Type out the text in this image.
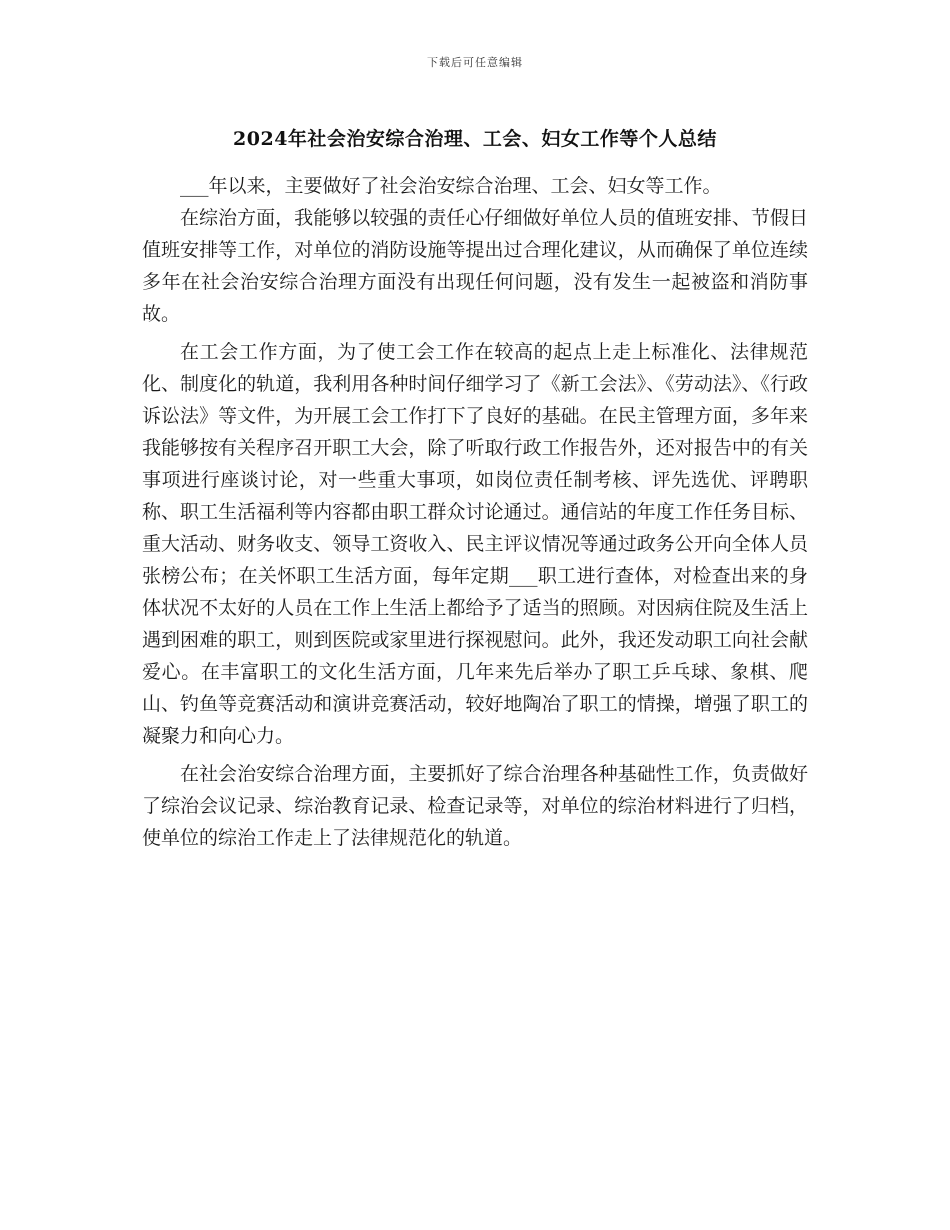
下载后可任意编辑
2024年社会治安综合治理、工会、妇女工作等个人总结

___年以来，主要做好了社会治安综合治理、工会、妇女等工作。

在综治方面，我能够以较强的责任心仔细做好单位人员的值班安排、节假日值班安排等工作，对单位的消防设施等提出过合理化建议，从而确保了单位连续多年在社会治安综合治理方面没有出现任何问题，没有发生一起被盗和消防事故。

在工会工作方面，为了使工会工作在较高的起点上走上标准化、法律规范化、制度化的轨道，我利用各种时间仔细学习了《新工会法》、《劳动法》、《行政诉讼法》等文件，为开展工会工作打下了良好的基础。在民主管理方面，多年来我能够按有关程序召开职工大会，除了听取行政工作报告外，还对报告中的有关事项进行座谈讨论，对一些重大事项，如岗位责任制考核、评先选优、评聘职称、职工生活福利等内容都由职工群众讨论通过。通信站的年度工作任务目标、重大活动、财务收支、领导工资收入、民主评议情况等通过政务公开向全体人员张榜公布；在关怀职工生活方面，每年定期___职工进行查体，对检查出来的身体状况不太好的人员在工作上生活上都给予了适当的照顾。对因病住院及生活上遇到困难的职工，则到医院或家里进行探视慰问。此外，我还发动职工向社会献爱心。在丰富职工的文化生活方面，几年来先后举办了职工乒乓球、象棋、爬山、钓鱼等竞赛活动和演讲竞赛活动，较好地陶冶了职工的情操，增强了职工的凝聚力和向心力。

在社会治安综合治理方面，主要抓好了综合治理各种基础性工作，负责做好了综治会议记录、综治教育记录、检查记录等，对单位的综治材料进行了归档，使单位的综治工作走上了法律规范化的轨道。
